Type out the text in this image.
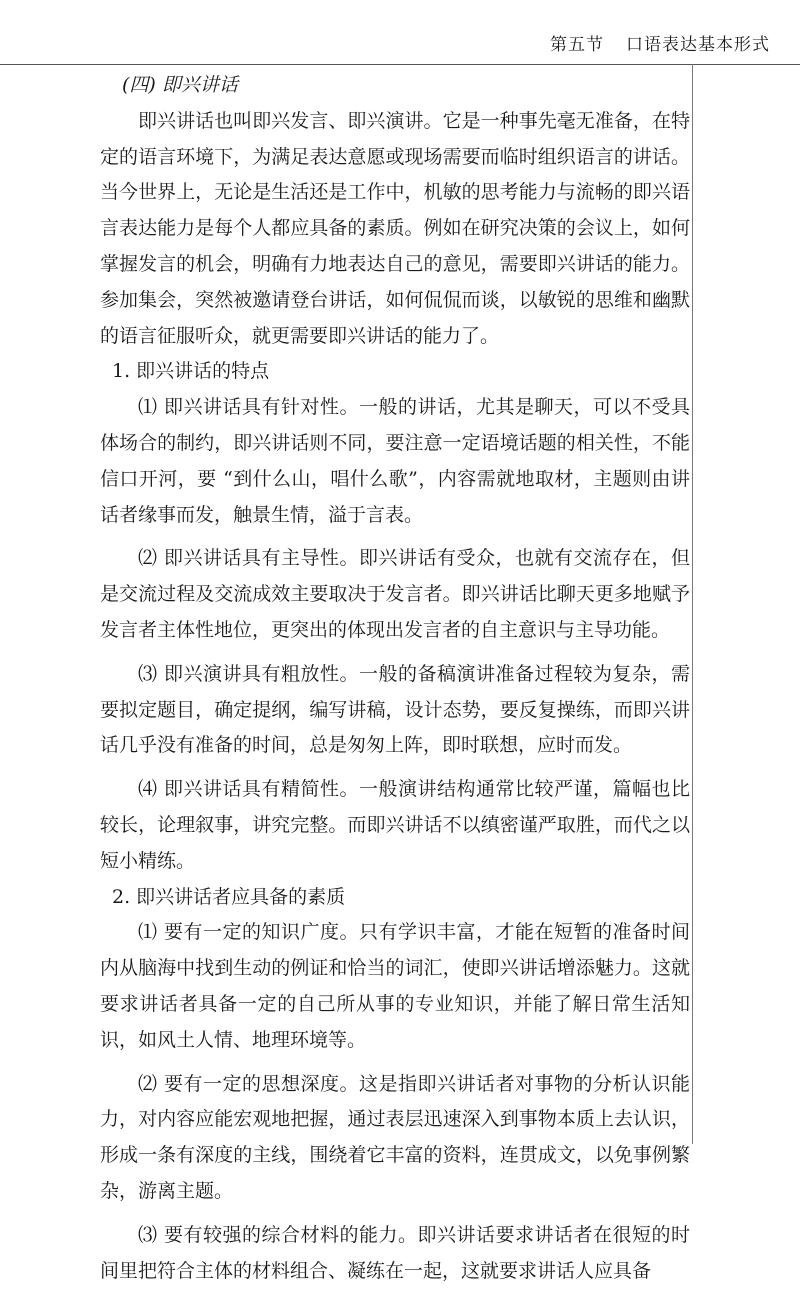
第五节 口语表达基本形式

(四) 即兴讲话

即兴讲话也叫即兴发言、即兴演讲。它是一种事先毫无准备，在特定的语言环境下，为满足表达意愿或现场需要而临时组织语言的讲话。当今世界上，无论是生活还是工作中，机敏的思考能力与流畅的即兴语言表达能力是每个人都应具备的素质。例如在研究决策的会议上，如何掌握发言的机会，明确有力地表达自己的意见，需要即兴讲话的能力。参加集会，突然被邀请登台讲话，如何侃侃而谈，以敏锐的思维和幽默的语言征服听众，就更需要即兴讲话的能力了。

1. 即兴讲话的特点

⑴ 即兴讲话具有针对性。一般的讲话，尤其是聊天，可以不受具体场合的制约，即兴讲话则不同，要注意一定语境话题的相关性，不能信口开河，要 “到什么山，唱什么歌”，内容需就地取材，主题则由讲话者缘事而发，触景生情，溢于言表。

⑵ 即兴讲话具有主导性。即兴讲话有受众，也就有交流存在，但是交流过程及交流成效主要取决于发言者。即兴讲话比聊天更多地赋予发言者主体性地位，更突出的体现出发言者的自主意识与主导功能。

⑶ 即兴演讲具有粗放性。一般的备稿演讲准备过程较为复杂，需要拟定题目，确定提纲，编写讲稿，设计态势，要反复操练，而即兴讲话几乎没有准备的时间，总是匆匆上阵，即时联想，应时而发。

⑷ 即兴讲话具有精简性。一般演讲结构通常比较严谨，篇幅也比较长，论理叙事，讲究完整。而即兴讲话不以缜密谨严取胜，而代之以短小精练。

2. 即兴讲话者应具备的素质

⑴ 要有一定的知识广度。只有学识丰富，才能在短暂的准备时间内从脑海中找到生动的例证和恰当的词汇，使即兴讲话增添魅力。这就要求讲话者具备一定的自己所从事的专业知识，并能了解日常生活知识，如风土人情、地理环境等。

⑵ 要有一定的思想深度。这是指即兴讲话者对事物的分析认识能力，对内容应能宏观地把握，通过表层迅速深入到事物本质上去认识，形成一条有深度的主线，围绕着它丰富的资料，连贯成文，以免事例繁杂，游离主题。

⑶ 要有较强的综合材料的能力。即兴讲话要求讲话者在很短的时间里把符合主体的材料组合、凝练在一起，这就要求讲话人应具备
